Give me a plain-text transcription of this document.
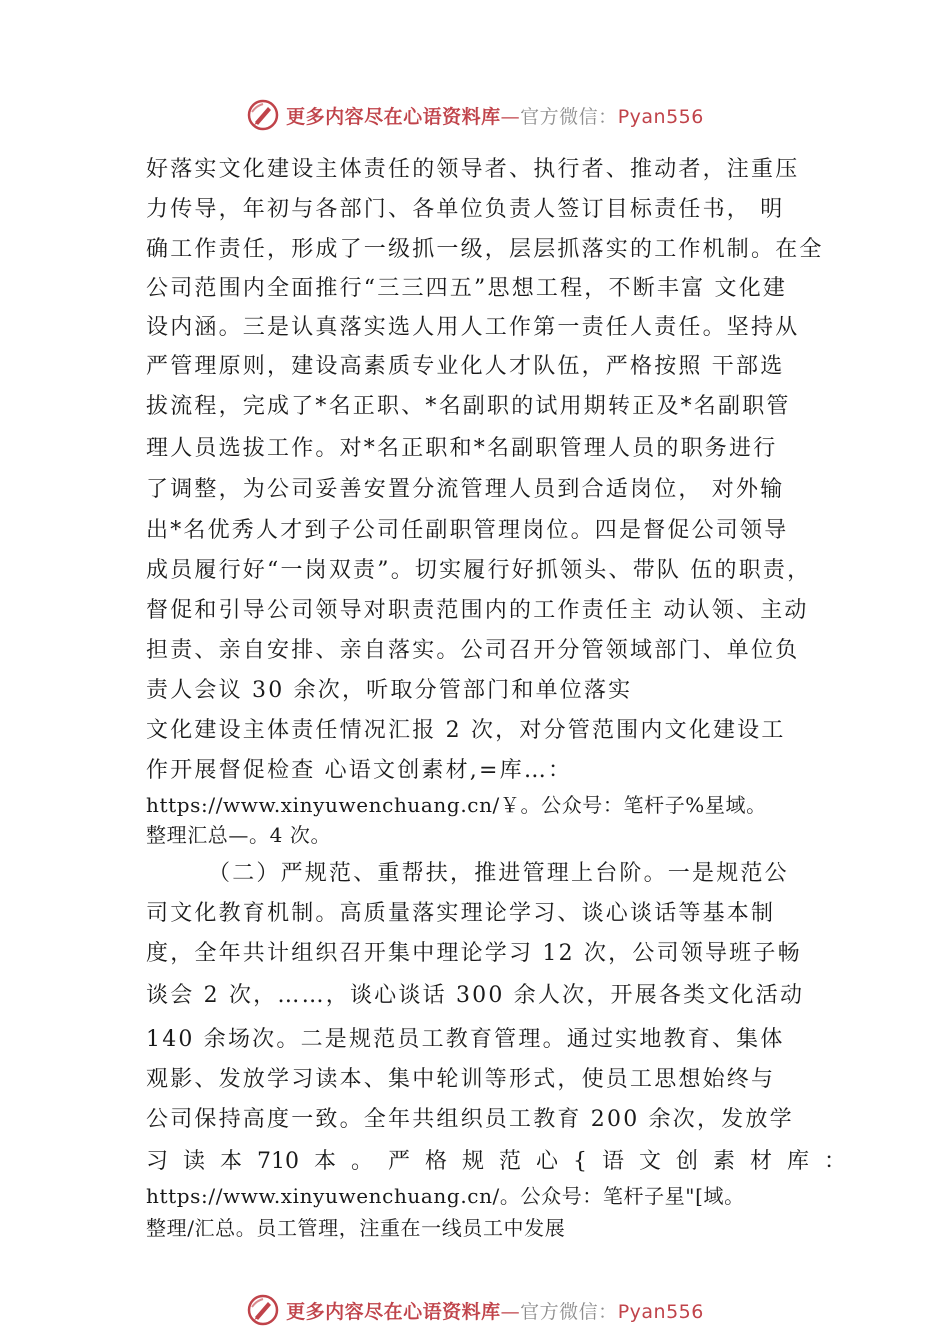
更多内容尽在心语资料库—官方微信：Pyan556
好落实文化建设主体责任的领导者、执行者、推动者，注重压
力传导，年初与各部门、各单位负责人签订目标责任书， 明
确工作责任，形成了一级抓一级，层层抓落实的工作机制。在全
公司范围内全面推行“三三四五”思想工程，不断丰富 文化建
设内涵。三是认真落实选人用人工作第一责任人责任。坚持从
严管理原则，建设高素质专业化人才队伍，严格按照 干部选
拔流程，完成了*名正职、*名副职的试用期转正及*名副职管
理人员选拔工作。对*名正职和*名副职管理人员的职务进行
了调整，为公司妥善安置分流管理人员到合适岗位， 对外输
出*名优秀人才到子公司任副职管理岗位。四是督促公司领导
成员履行好“一岗双责”。切实履行好抓领头、带队 伍的职责，
督促和引导公司领导对职责范围内的工作责任主 动认领、主动
担责、亲自安排、亲自落实。公司召开分管领域部门、单位负
责人会议 30 余次，听取分管部门和单位落实
文化建设主体责任情况汇报 2 次，对分管范围内文化建设工
作开展督促检查 心语文创素材,=库…：
https://www.xinyuwenchuang.cn/￥。公众号：笔杆子%星域。
整理汇总—。4 次。
（二）严规范、重帮扶，推进管理上台阶。一是规范公
司文化教育机制。高质量落实理论学习、谈心谈话等基本制
度，全年共计组织召开集中理论学习 12 次，公司领导班子畅
谈会 2 次，……，谈心谈话 300 余人次，开展各类文化活动
140 余场次。二是规范员工教育管理。通过实地教育、集体
观影、发放学习读本、集中轮训等形式，使员工思想始终与
公司保持高度一致。全年共组织员工教育 200 余次，发放学
习 读 本 710 本 。 严 格 规 范 心 { 语 文 创 素 材 库 ：
https://www.xinyuwenchuang.cn/。公众号：笔杆子星"[域。
整理/汇总。员工管理，注重在一线员工中发展
更多内容尽在心语资料库—官方微信：Pyan556
